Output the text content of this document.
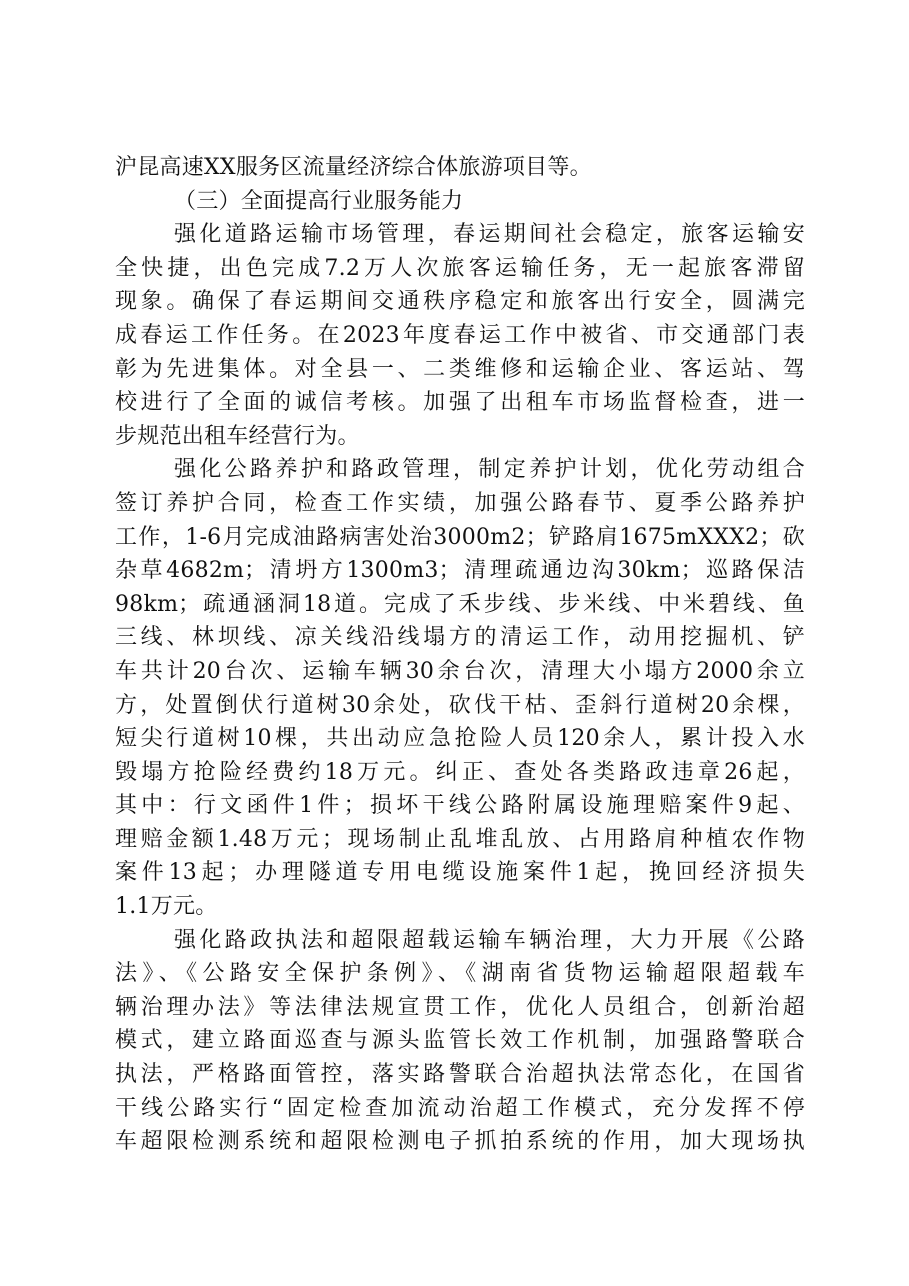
沪昆高速XX服务区流量经济综合体旅游项目等。
（三）全面提高行业服务能力
强化道路运输市场管理，春运期间社会稳定，旅客运输安
全快捷，出色完成7.2万人次旅客运输任务，无一起旅客滞留
现象。确保了春运期间交通秩序稳定和旅客出行安全，圆满完
成春运工作任务。在2023年度春运工作中被省、市交通部门表
彰为先进集体。对全县一、二类维修和运输企业、客运站、驾
校进行了全面的诚信考核。加强了出租车市场监督检查，进一
步规范出租车经营行为。
强化公路养护和路政管理，制定养护计划，优化劳动组合
签订养护合同，检查工作实绩，加强公路春节、夏季公路养护
工作，1-6月完成油路病害处治3000m2；铲路肩1675mXXX2；砍
杂草4682m；清坍方1300m3；清理疏通边沟30km；巡路保洁
98km；疏通涵洞18道。完成了禾步线、步米线、中米碧线、鱼
三线、林坝线、凉关线沿线塌方的清运工作，动用挖掘机、铲
车共计20台次、运输车辆30余台次，清理大小塌方2000余立
方，处置倒伏行道树30余处，砍伐干枯、歪斜行道树20余棵，
短尖行道树10棵，共出动应急抢险人员120余人，累计投入水
毁塌方抢险经费约18万元。纠正、查处各类路政违章26起，
其中：行文函件1件；损坏干线公路附属设施理赔案件9起、
理赔金额1.48万元；现场制止乱堆乱放、占用路肩种植农作物
案件13起；办理隧道专用电缆设施案件1起，挽回经济损失
1.1万元。
强化路政执法和超限超载运输车辆治理，大力开展《公路
法》、《公路安全保护条例》、《湖南省货物运输超限超载车
辆治理办法》等法律法规宣贯工作，优化人员组合，创新治超
模式，建立路面巡查与源头监管长效工作机制，加强路警联合
执法，严格路面管控，落实路警联合治超执法常态化，在国省
干线公路实行“固定检查加流动治超工作模式，充分发挥不停
车超限检测系统和超限检测电子抓拍系统的作用，加大现场执
